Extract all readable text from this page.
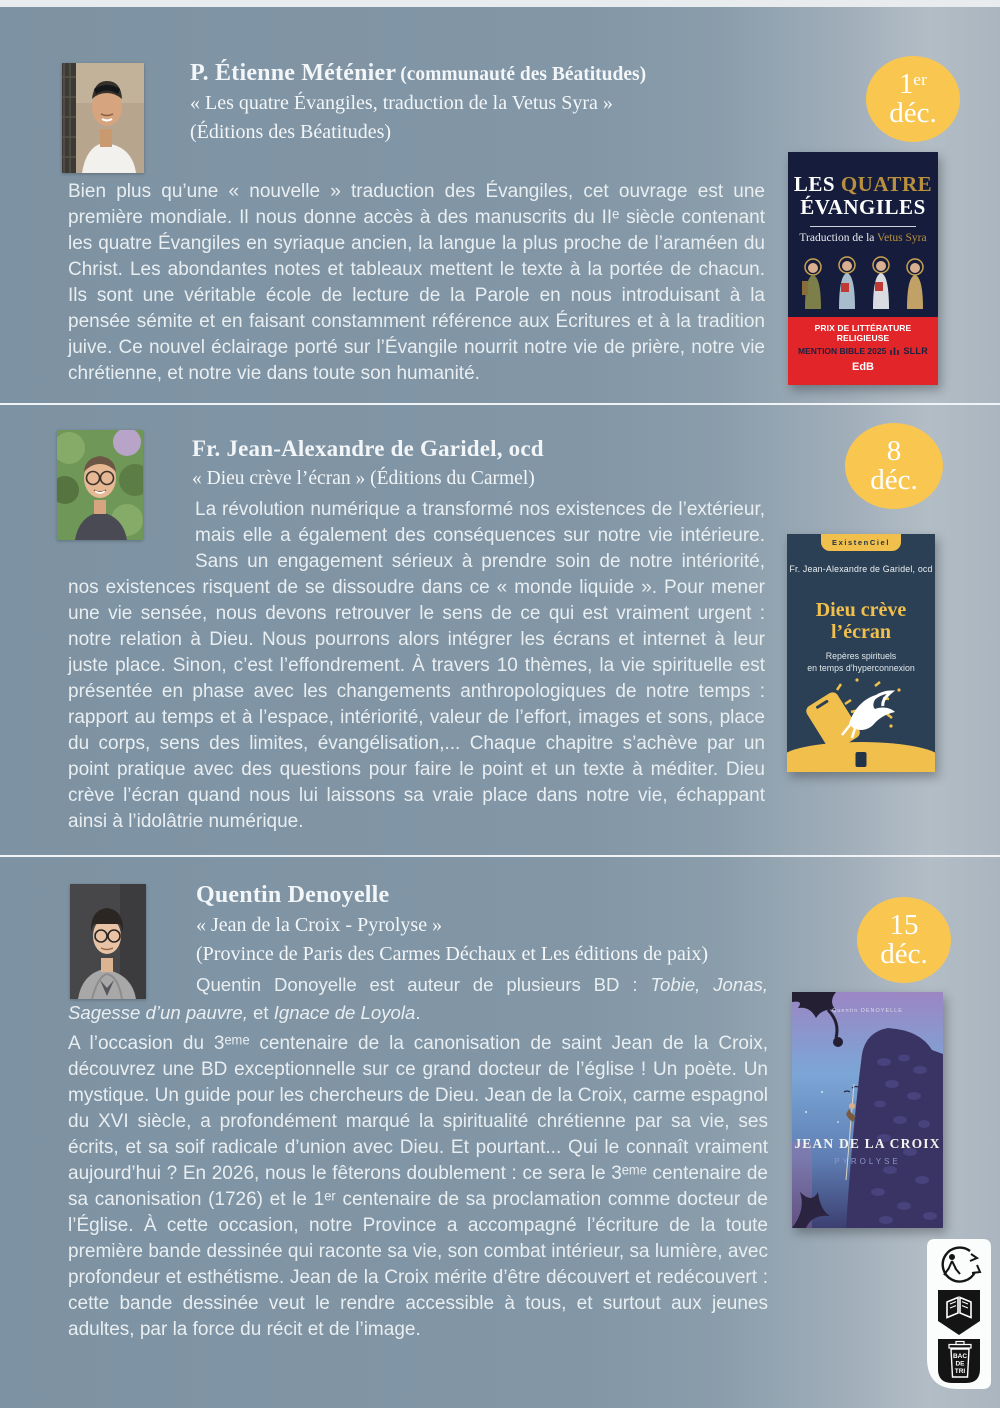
P. Étienne Méténier (communauté des Béatitudes)
« Les quatre Évangiles, traduction de la Vetus Syra »
(Éditions des Béatitudes)
Bien plus qu’une « nouvelle » traduction des Évangiles, cet ouvrage est une première mondiale. Il nous donne accès à des manuscrits du IIᵉ siècle contenant les quatre Évangiles en syriaque ancien, la langue la plus proche de l’araméen du Christ. Les abondantes notes et tableaux mettent le texte à la portée de chacun. Ils sont une véritable école de lecture de la Parole en nous introduisant à la pensée sémite et en faisant constamment référence aux Écritures et à la tradition juive. Ce nouvel éclairage porté sur l’Évangile nourrit notre vie de prière, notre vie chrétienne, et notre vie dans toute son humanité.
1ᵉʳ
déc.
LES QUATRE
ÉVANGILES
Traduction de la Vetus Syra
PRIX DE LITTÉRATURE RELIGIEUSE
MENTION BIBLE 2025 SLLR
EdB
Fr. Jean-Alexandre de Garidel, ocd
« Dieu crève l’écran » (Éditions du Carmel)
La révolution numérique a transformé nos existences de l’extérieur, mais elle a également des conséquences sur notre vie intérieure. Sans un engagement sérieux à prendre soin de notre intériorité, nos existences risquent de se dissoudre dans ce « monde liquide ». Pour mener une vie sensée, nous devons retrouver le sens de ce qui est vraiment urgent : notre relation à Dieu. Nous pourrons alors intégrer les écrans et internet à leur juste place. Sinon, c’est l’effondrement. À travers 10 thèmes, la vie spirituelle est présentée en phase avec les changements anthropologiques de notre temps : rapport au temps et à l’espace, intériorité, valeur de l’effort, images et sons, place du corps, sens des limites, évangélisation,... Chaque chapitre s’achève par un point pratique avec des questions pour faire le point et un texte à méditer. Dieu crève l’écran quand nous lui laissons sa vraie place dans notre vie, échappant ainsi à l’idolâtrie numérique.
8
déc.
ExistenCiel
Fr. Jean-Alexandre de Garidel, ocd
Dieu crève
l’écran
Repères spirituels
en temps d’hyperconnexion
Quentin Denoyelle
« Jean de la Croix - Pyrolyse »
(Province de Paris des Carmes Déchaux et Les éditions de paix)
Quentin Donoyelle est auteur de plusieurs BD : Tobie, Jonas, Sagesse d’un pauvre, et Ignace de Loyola.
A l’occasion du 3ᵉᵐᵉ centenaire de la canonisation de saint Jean de la Croix, découvrez une BD exceptionnelle sur ce grand docteur de l’église ! Un poète. Un mystique. Un guide pour les chercheurs de Dieu. Jean de la Croix, carme espagnol du XVI siècle, a profondément marqué la spiritualité chrétienne par sa vie, ses écrits, et sa soif radicale d’union avec Dieu. Et pourtant... Qui le connaît vraiment aujourd’hui ? En 2026, nous le fêterons doublement : ce sera le 3ᵉᵐᵉ centenaire de sa canonisation (1726) et le 1ᵉʳ centenaire de sa proclamation comme docteur de l’Église. À cette occasion, notre Province a accompagné l’écriture de la toute première bande dessinée qui raconte sa vie, son combat intérieur, sa lumière, avec profondeur et esthétisme. Jean de la Croix mérite d’être découvert et redécouvert : cette bande dessinée veut le rendre accessible à tous, et surtout aux jeunes adultes, par la force du récit et de l’image.
15
déc.
Quentin DENOYELLE
JEAN DE LA CROIX
PYROLYSE
BAC
DE
TRI
